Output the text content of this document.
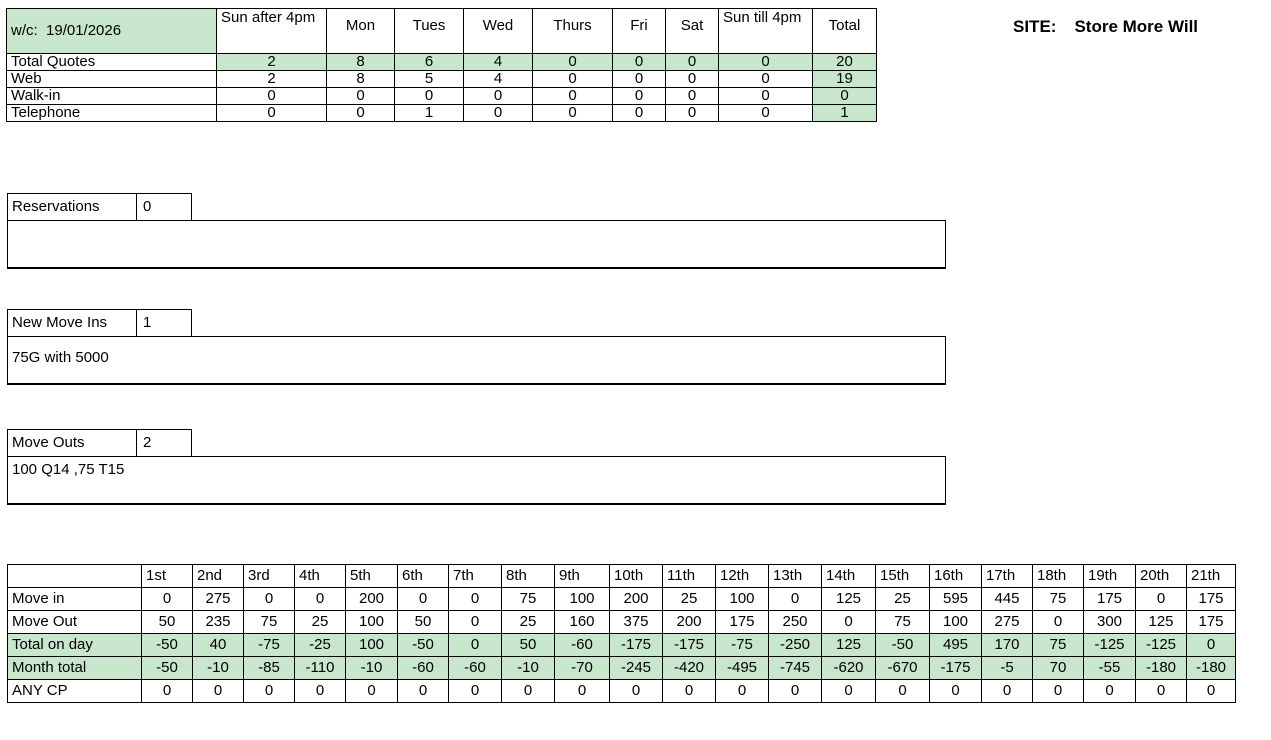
w/c: 19/01/2026	Sun after 4pm	Mon	Tues	Wed	Thurs	Fri	Sat	Sun till 4pm	Total
Total Quotes	2	8	6	4	0	0	0	0	20
Web	2	8	5	4	0	0	0	0	19
Walk-in	0	0	0	0	0	0	0	0	0
Telephone	0	0	1	0	0	0	0	0	1
SITE: Store More Will
Reservations	0
New Move Ins	1
75G with 5000
Move Outs	2
100 Q14 ,75 T15
	1st	2nd	3rd	4th	5th	6th	7th	8th	9th	10th	11th	12th	13th	14th	15th	16th	17th	18th	19th	20th	21th
Move in	0	275	0	0	200	0	0	75	100	200	25	100	0	125	25	595	445	75	175	0	175
Move Out	50	235	75	25	100	50	0	25	160	375	200	175	250	0	75	100	275	0	300	125	175
Total on day	-50	40	-75	-25	100	-50	0	50	-60	-175	-175	-75	-250	125	-50	495	170	75	-125	-125	0
Month total	-50	-10	-85	-110	-10	-60	-60	-10	-70	-245	-420	-495	-745	-620	-670	-175	-5	70	-55	-180	-180
ANY CP	0	0	0	0	0	0	0	0	0	0	0	0	0	0	0	0	0	0	0	0	0
